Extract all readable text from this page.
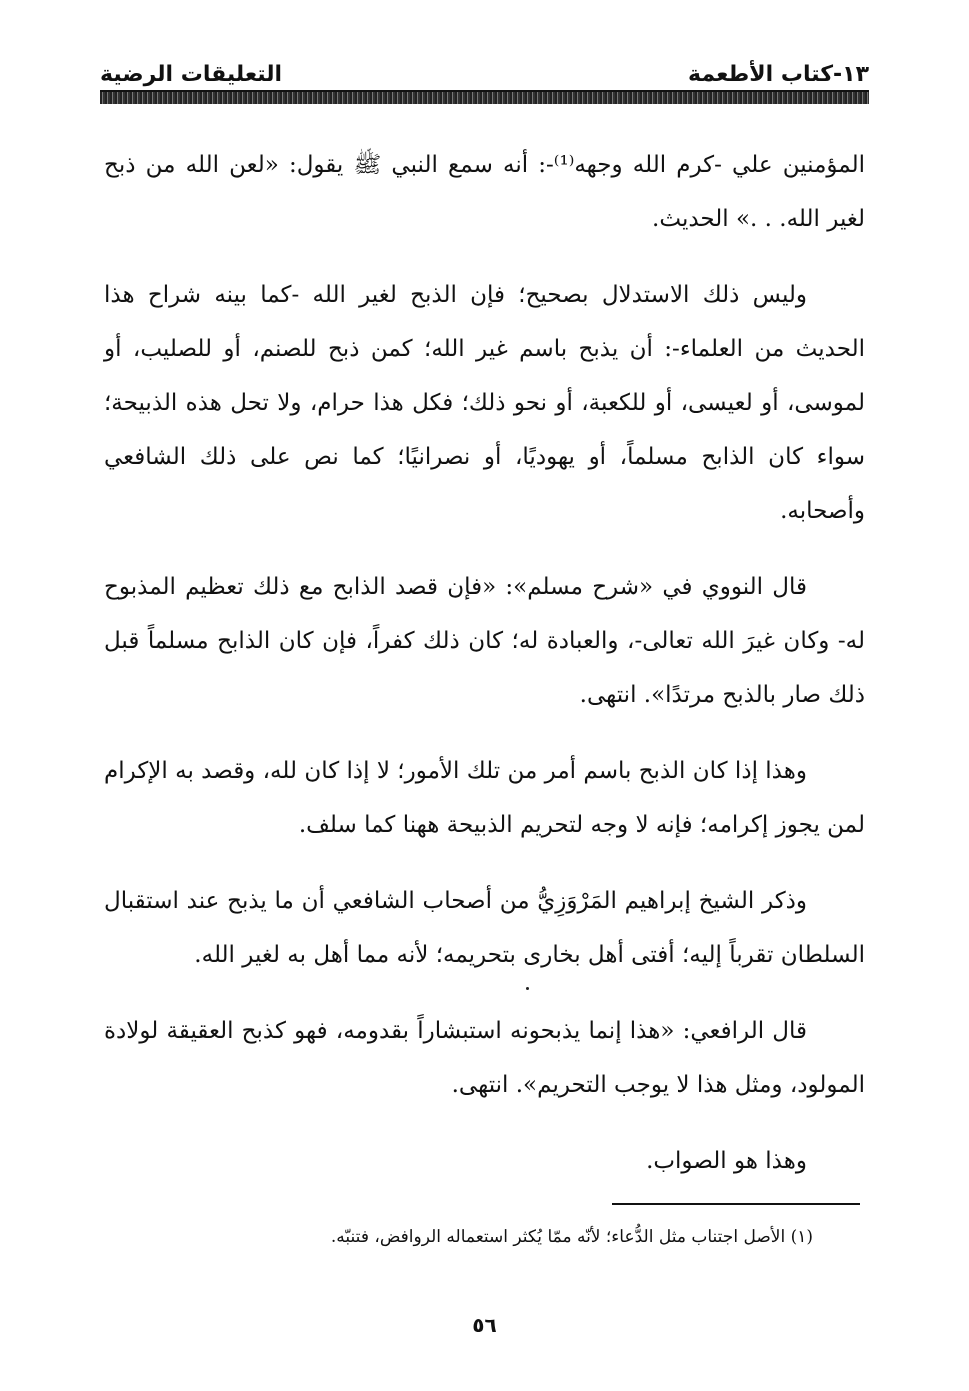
١٣-كتاب الأطعمة
التعليقات الرضية

المؤمنين علي -كرم الله وجهه⁽¹⁾-: أنه سمع النبي ﷺ يقول: «لعن الله من ذبح لغير الله. . .» الحديث.

وليس ذلك الاستدلال بصحيح؛ فإن الذبح لغير الله -كما بينه شراح هذا الحديث من العلماء-: أن يذبح باسم غير الله؛ كمن ذبح للصنم، أو للصليب، أو لموسى، أو لعيسى، أو للكعبة، أو نحو ذلك؛ فكل هذا حرام، ولا تحل هذه الذبيحة؛ سواء كان الذابح مسلماً، أو يهوديًا، أو نصرانيًا؛ كما نص على ذلك الشافعي وأصحابه.

قال النووي في «شرح مسلم»: «فإن قصد الذابح مع ذلك تعظيم المذبوح له- وكان غيرَ الله تعالى-، والعبادة له؛ كان ذلك كفراً، فإن كان الذابح مسلماً قبل ذلك صار بالذبح مرتدًا». انتهى.

وهذا إذا كان الذبح باسم أمر من تلك الأمور؛ لا إذا كان لله، وقصد به الإكرام لمن يجوز إكرامه؛ فإنه لا وجه لتحريم الذبيحة ههنا كما سلف.

وذكر الشيخ إبراهيم المَرْوَزِيُّ من أصحاب الشافعي أن ما يذبح عند استقبال السلطان تقرباً إليه؛ أفتى أهل بخارى بتحريمه؛ لأنه مما أهل به لغير الله.

قال الرافعي: «هذا إنما يذبحونه استبشاراً بقدومه، فهو كذبح العقيقة لولادة المولود، ومثل هذا لا يوجب التحريم». انتهى.

وهذا هو الصواب.

(١) الأصل اجتناب مثل الدُّعاء؛ لأنّه ممّا يُكثر استعماله الروافض، فتنبّه.
٥٦
